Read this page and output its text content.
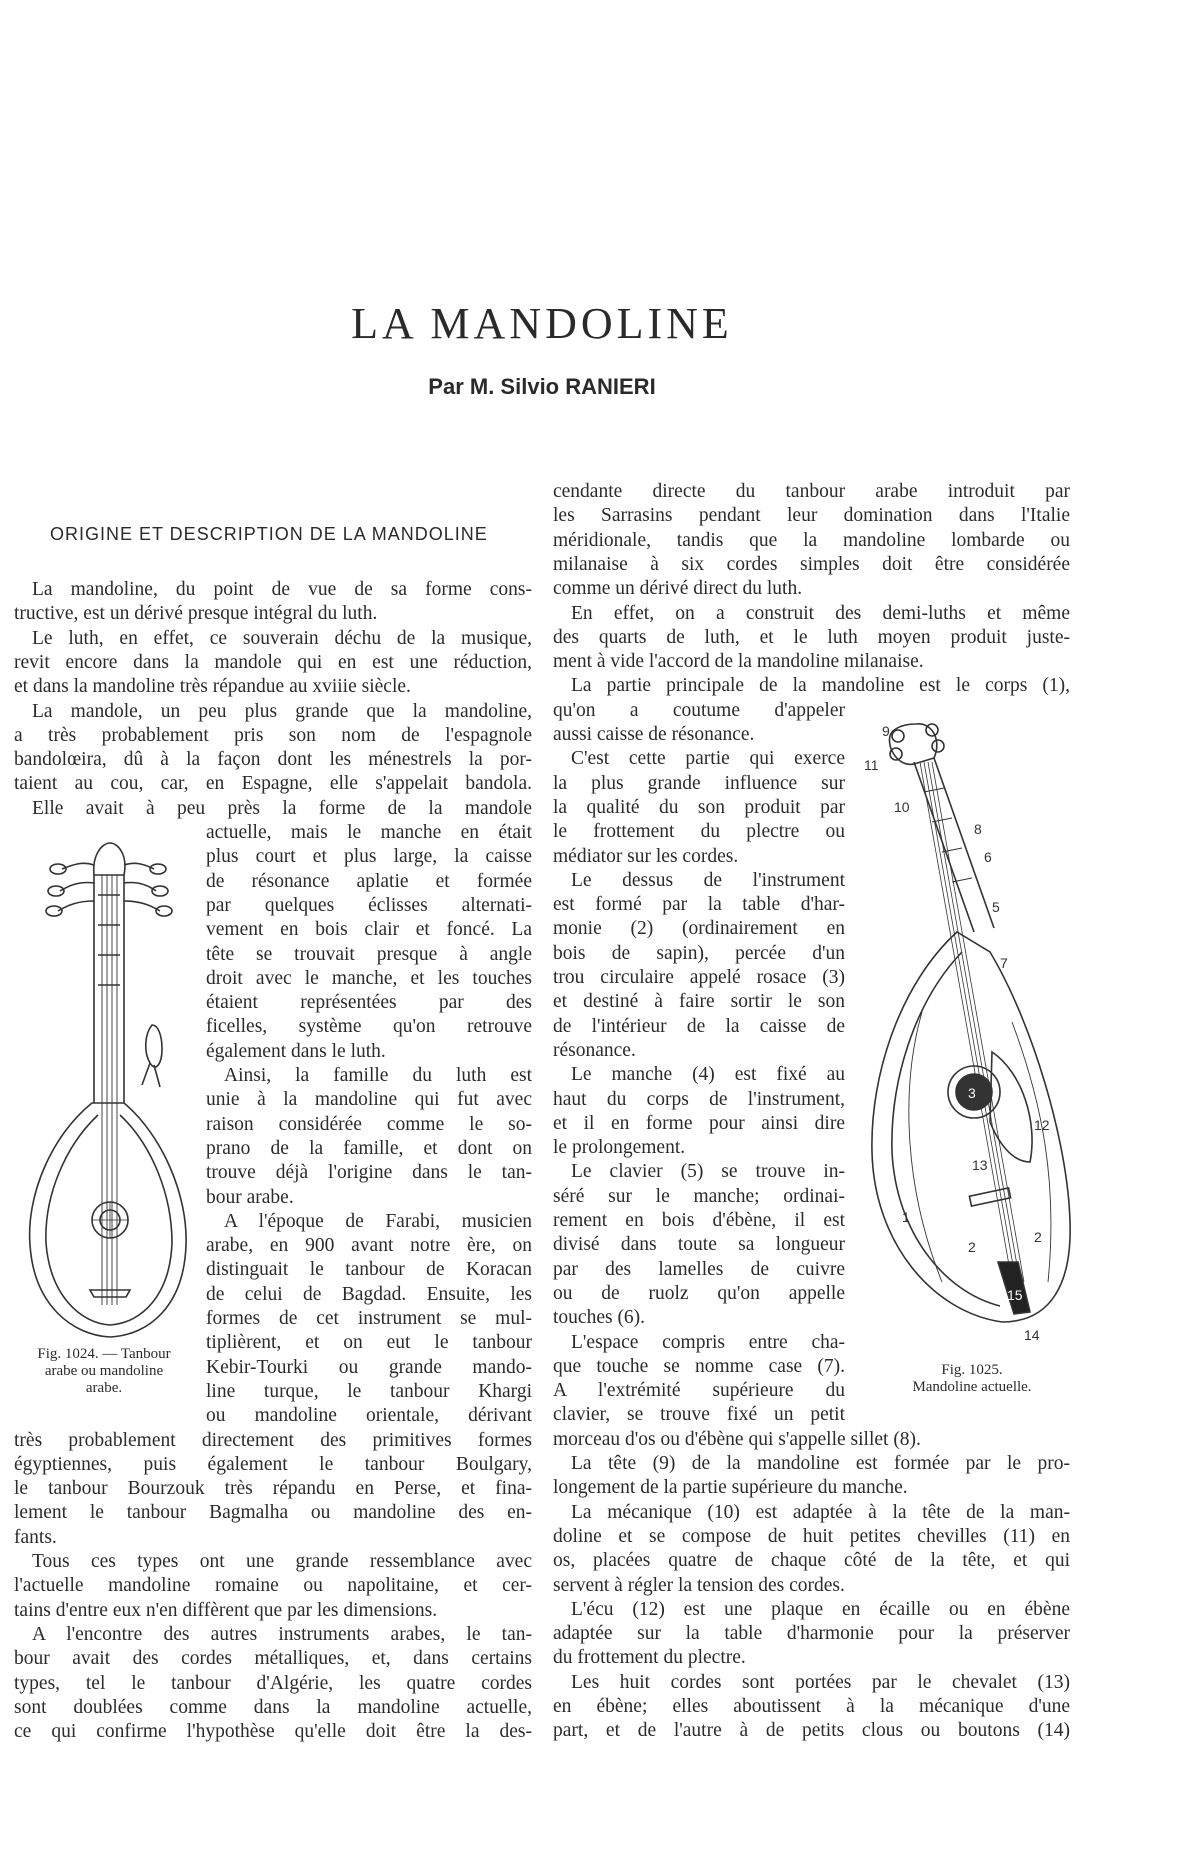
LA MANDOLINE
Par M. Silvio RANIERI
ORIGINE ET DESCRIPTION DE LA MANDOLINE
La mandoline, du point de vue de sa forme cons-
tructive, est un dérivé presque intégral du luth.
Le luth, en effet, ce souverain déchu de la musique,
revit encore dans la mandole qui en est une réduction,
et dans la mandoline très répandue au xviiie siècle.
La mandole, un peu plus grande que la mandoline,
a très probablement pris son nom de l'espagnole
bandolœira, dû à la façon dont les ménestrels la por-
taient au cou, car, en Espagne, elle s'appelait bandola.
Elle avait à peu près la forme de la mandole
actuelle, mais le manche en était
plus court et plus large, la caisse
de résonance aplatie et formée
par quelques éclisses alternati-
vement en bois clair et foncé. La
tête se trouvait presque à angle
droit avec le manche, et les touches
étaient représentées par des
ficelles, système qu'on retrouve
également dans le luth.
Ainsi, la famille du luth est
unie à la mandoline qui fut avec
raison considérée comme le so-
prano de la famille, et dont on
trouve déjà l'origine dans le tan-
bour arabe.
A l'époque de Farabi, musicien
arabe, en 900 avant notre ère, on
distinguait le tanbour de Koracan
de celui de Bagdad. Ensuite, les
formes de cet instrument se mul-
tiplièrent, et on eut le tanbour
Kebir-Tourki ou grande mando-
line turque, le tanbour Khargi
ou mandoline orientale, dérivant
très probablement directement des primitives formes
égyptiennes, puis également le tanbour Boulgary,
le tanbour Bourzouk très répandu en Perse, et fina-
lement le tanbour Bagmalha ou mandoline des en-
fants.
Tous ces types ont une grande ressemblance avec
l'actuelle mandoline romaine ou napolitaine, et cer-
tains d'entre eux n'en diffèrent que par les dimensions.
A l'encontre des autres instruments arabes, le tan-
bour avait des cordes métalliques, et, dans certains
types, tel le tanbour d'Algérie, les quatre cordes
sont doublées comme dans la mandoline actuelle,
ce qui confirme l'hypothèse qu'elle doit être la des-
cendante directe du tanbour arabe introduit par
les Sarrasins pendant leur domination dans l'Italie
méridionale, tandis que la mandoline lombarde ou
milanaise à six cordes simples doit être considérée
comme un dérivé direct du luth.
En effet, on a construit des demi-luths et même
des quarts de luth, et le luth moyen produit juste-
ment à vide l'accord de la mandoline milanaise.
La partie principale de la mandoline est le corps (1),
qu'on a coutume d'appeler
aussi caisse de résonance.
C'est cette partie qui exerce
la plus grande influence sur
la qualité du son produit par
le frottement du plectre ou
médiator sur les cordes.
Le dessus de l'instrument
est formé par la table d'har-
monie (2) (ordinairement en
bois de sapin), percée d'un
trou circulaire appelé rosace (3)
et destiné à faire sortir le son
de l'intérieur de la caisse de
résonance.
Le manche (4) est fixé au
haut du corps de l'instrument,
et il en forme pour ainsi dire
le prolongement.
Le clavier (5) se trouve in-
séré sur le manche; ordinai-
rement en bois d'ébène, il est
divisé dans toute sa longueur
par des lamelles de cuivre
ou de ruolz qu'on appelle
touches (6).
L'espace compris entre cha-
que touche se nomme case (7).
A l'extrémité supérieure du
clavier, se trouve fixé un petit
morceau d'os ou d'ébène qui s'appelle sillet (8).
La tête (9) de la mandoline est formée par le pro-
longement de la partie supérieure du manche.
La mécanique (10) est adaptée à la tête de la man-
doline et se compose de huit petites chevilles (11) en
os, placées quatre de chaque côté de la tête, et qui
servent à régler la tension des cordes.
L'écu (12) est une plaque en écaille ou en ébène
adaptée sur la table d'harmonie pour la préserver
du frottement du plectre.
Les huit cordes sont portées par le chevalet (13)
en ébène; elles aboutissent à la mécanique d'une
part, et de l'autre à de petits clous ou boutons (14)
9
11
10
8
6
5
7
3
12
13
2
2
1
15
14
Fig. 1024. — Tanbour
arabe ou mandoline
arabe.
Fig. 1025.
Mandoline actuelle.
